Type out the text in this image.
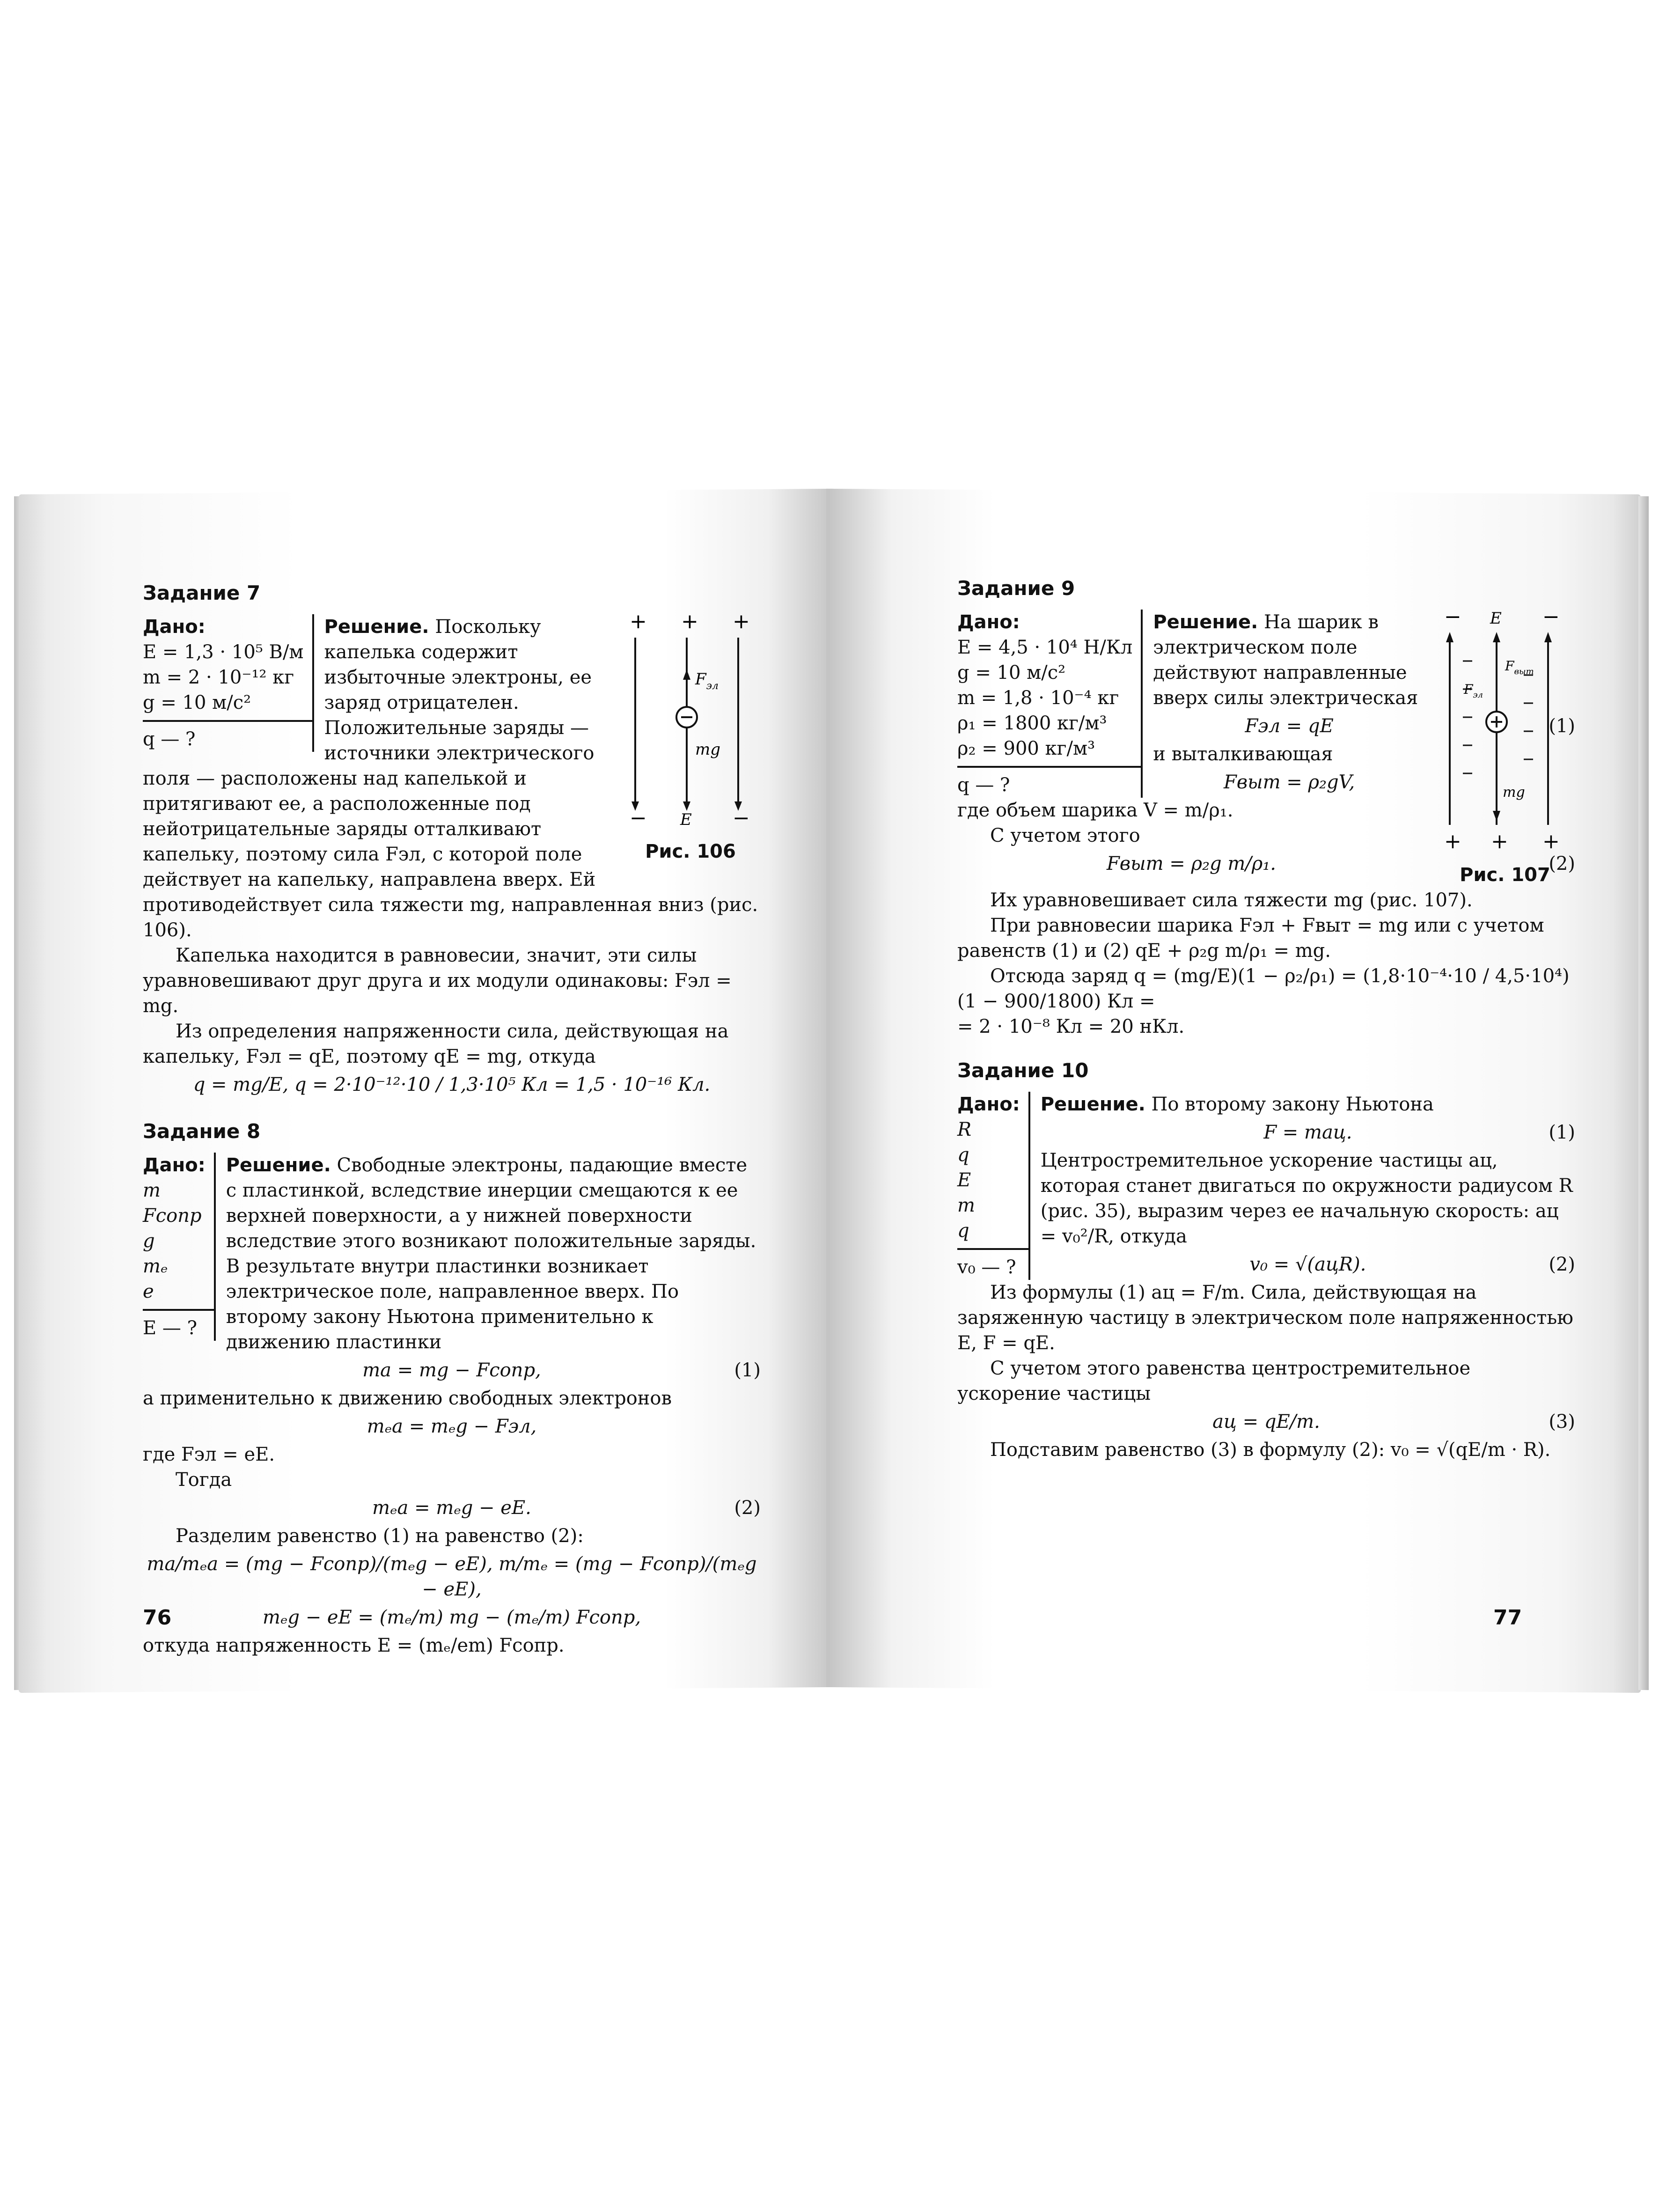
Задание 7
+ + +
$F_{эл}$
mg
− E −
Рис. 106
Дано:
E = 1,3 · 10⁵ В/м
m = 2 · 10⁻¹² кг
g = 10 м/с²
q — ?

Решение. Поскольку капелька содержит избыточные электроны, ее заряд отрицателен. Положительные заряды — источники электрического поля — расположены над капелькой и притягивают ее, а расположенные под нейотрицательные заряды отталкивают капельку, поэтому сила Fэл, с которой поле действует на капельку, направлена вверх. Ей противодействует сила тяжести mg, направленная вниз (рис. 106).

Капелька находится в равновесии, значит, эти силы уравновешивают друг друга и их модули одинаковы: Fэл = mg.

Из определения напряженности сила, действующая на капельку, Fэл = qE, поэтому qE = mg, откуда

q = mg/E, q = 2·10⁻¹²·10 / 1,3·10⁵ Кл = 1,5 · 10⁻¹⁶ Кл.
Задание 8
Дано:
m
Fсопр
g
mₑ
e
E — ?

Решение. Свободные электроны, падающие вместе с пластинкой, вследствие инерции смещаются к ее верхней поверхности, а у нижней поверхности вследствие этого возникают положительные заряды. В результате внутри пластинки возникает электрическое поле, направленное вверх. По второму закону Ньютона применительно к движению пластинки

ma = mg − Fсопр,	(1)

а применительно к движению свободных электронов

mₑa = mₑg − Fэл,

где Fэл = eE.

Тогда

mₑa = mₑg − eE.	(2)

Разделим равенство (1) на равенство (2):

ma/mₑa = (mg − Fсопр)/(mₑg − eE), m/mₑ = (mg − Fсопр)/(mₑg − eE),
mₑg − eE = (mₑ/m) mg − (mₑ/m) Fсопр,

откуда напряженность E = (mₑ/em) Fсопр.

76
Задание 9
− E −
$F_{эл}$
$F_{выт}$
mg
+ + +
Рис. 107
Дано:
E = 4,5 · 10⁴ Н/Кл
g = 10 м/с²
m = 1,8 · 10⁻⁴ кг
ρ₁ = 1800 кг/м³
ρ₂ = 900 кг/м³
q — ?

Решение. На шарик в электрическом поле действуют направленные вверх силы электрическая

Fэл = qE	(1)

и выталкивающая

Fвыт = ρ₂gV,

где объем шарика V = m/ρ₁.

С учетом этого

Fвыт = ρ₂g m/ρ₁.	(2)

Их уравновешивает сила тяжести mg (рис. 107).

При равновесии шарика Fэл + Fвыт = mg или с учетом равенств (1) и (2) qE + ρ₂g m/ρ₁ = mg.

Отсюда заряд q = (mg/E)(1 − ρ₂/ρ₁) = (1,8·10⁻⁴·10 / 4,5·10⁴)(1 − 900/1800) Кл =

= 2 · 10⁻⁸ Кл = 20 нКл.

Задание 10
Дано:
R
q
E
m
q
v₀ — ?

Решение. По второму закону Ньютона

F = maц.	(1)

Центростремительное ускорение частицы aц, которая станет двигаться по окружности радиусом R (рис. 35), выразим через ее начальную скорость: aц = v₀²/R, откуда

v₀ = √(aцR).	(2)

Из формулы (1) aц = F/m. Сила, действующая на заряженную частицу в электрическом поле напряженностью E, F = qE.

С учетом этого равенства центростремительное ускорение частицы

aц = qE/m.	(3)

Подставим равенство (3) в формулу (2): v₀ = √(qE/m · R).

77
